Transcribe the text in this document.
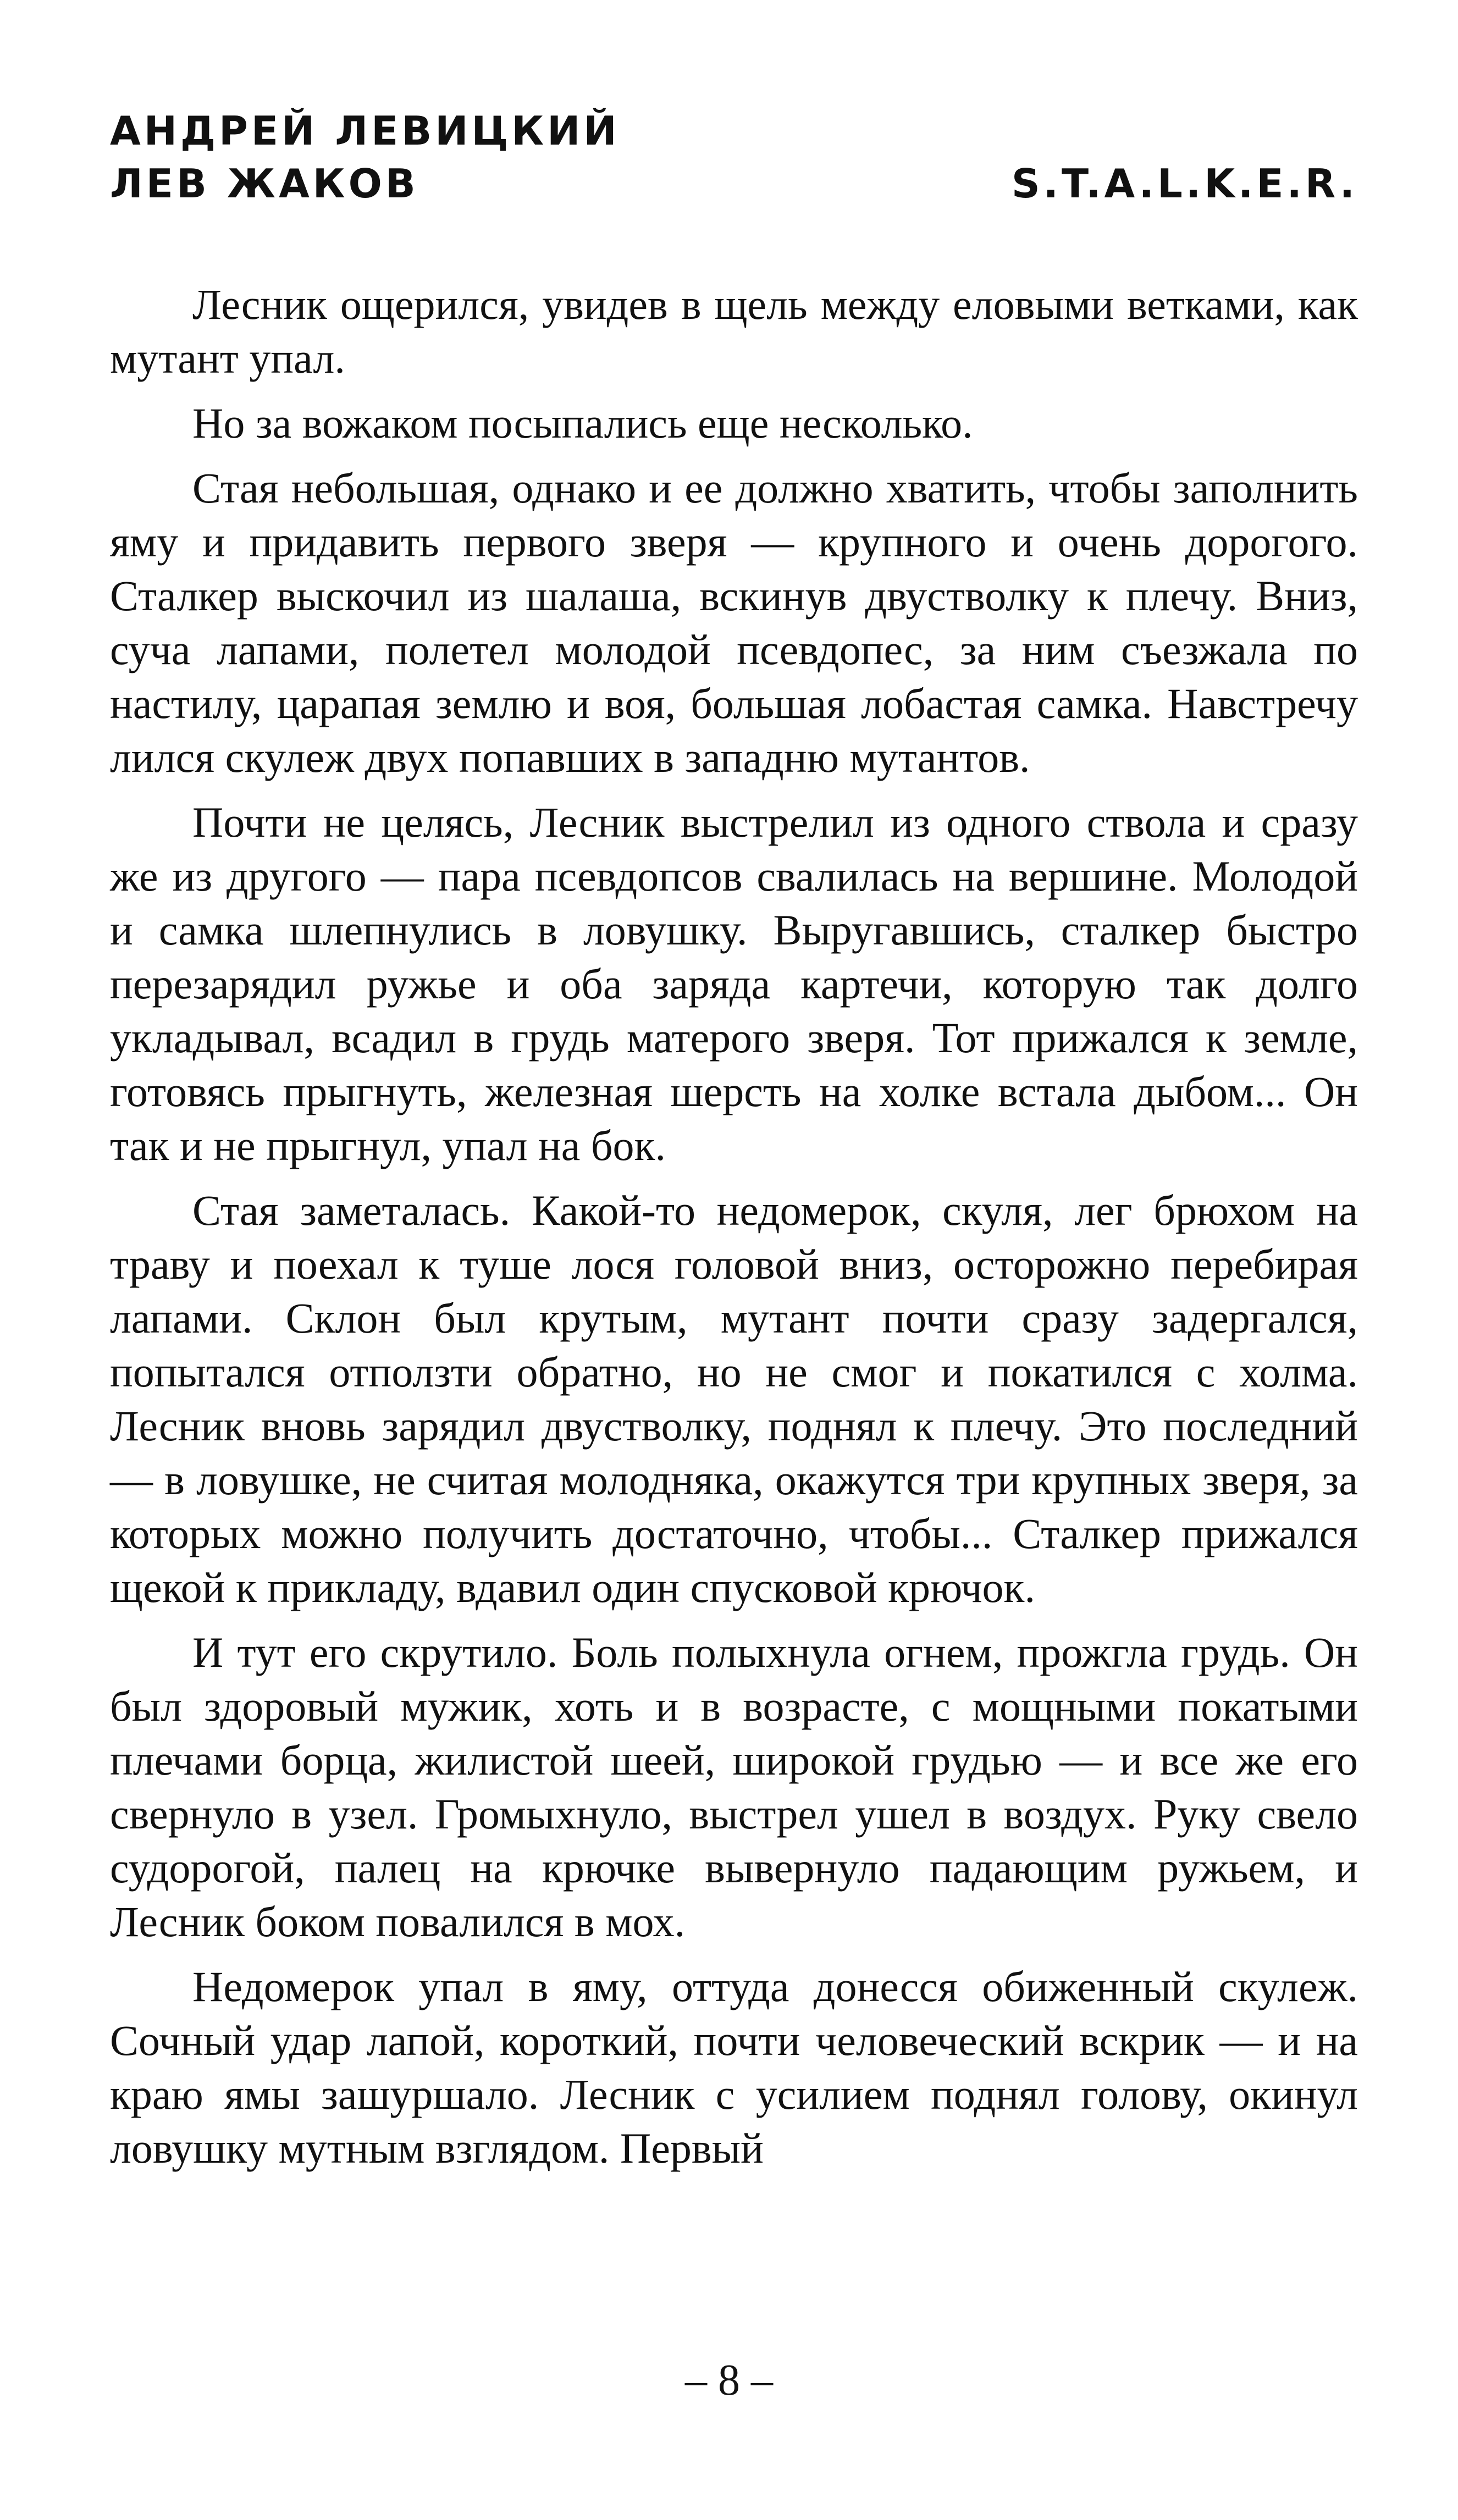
АНДРЕЙ ЛЕВИЦКИЙ
ЛЕВ ЖАКОВ	S.T.A.L.K.E.R.

Лесник ощерился, увидев в щель между еловыми ветками, как мутант упал.

Но за вожаком посыпались еще несколько.

Стая небольшая, однако и ее должно хватить, чтобы заполнить яму и придавить первого зверя — крупного и очень дорогого. Сталкер выскочил из шалаша, вскинув двустволку к плечу. Вниз, суча лапами, полетел молодой псевдопес, за ним съезжала по настилу, царапая землю и воя, большая лобастая самка. Навстречу лился скулеж двух попавших в западню мутантов.

Почти не целясь, Лесник выстрелил из одного ствола и сразу же из другого — пара псевдопсов свалилась на вершине. Молодой и самка шлепнулись в ловушку. Выругавшись, сталкер быстро перезарядил ружье и оба заряда картечи, которую так долго укладывал, всадил в грудь матерого зверя. Тот прижался к земле, готовясь прыгнуть, железная шерсть на холке встала дыбом... Он так и не прыгнул, упал на бок.

Стая заметалась. Какой-то недомерок, скуля, лег брюхом на траву и поехал к туше лося головой вниз, осторожно перебирая лапами. Склон был крутым, мутант почти сразу задергался, попытался отползти обратно, но не смог и покатился с холма. Лесник вновь зарядил двустволку, поднял к плечу. Это последний — в ловушке, не считая молодняка, окажутся три крупных зверя, за которых можно получить достаточно, чтобы... Сталкер прижался щекой к прикладу, вдавил один спусковой крючок.

И тут его скрутило. Боль полыхнула огнем, прожгла грудь. Он был здоровый мужик, хоть и в возрасте, с мощными покатыми плечами борца, жилистой шеей, широкой грудью — и все же его свернуло в узел. Громыхнуло, выстрел ушел в воздух. Руку свело судорогой, палец на крючке вывернуло падающим ружьем, и Лесник боком повалился в мох.

Недомерок упал в яму, оттуда донесся обиженный скулеж. Сочный удар лапой, короткий, почти человеческий вскрик — и на краю ямы зашуршало. Лесник с усилием поднял голову, окинул ловушку мутным взглядом. Первый

– 8 –
